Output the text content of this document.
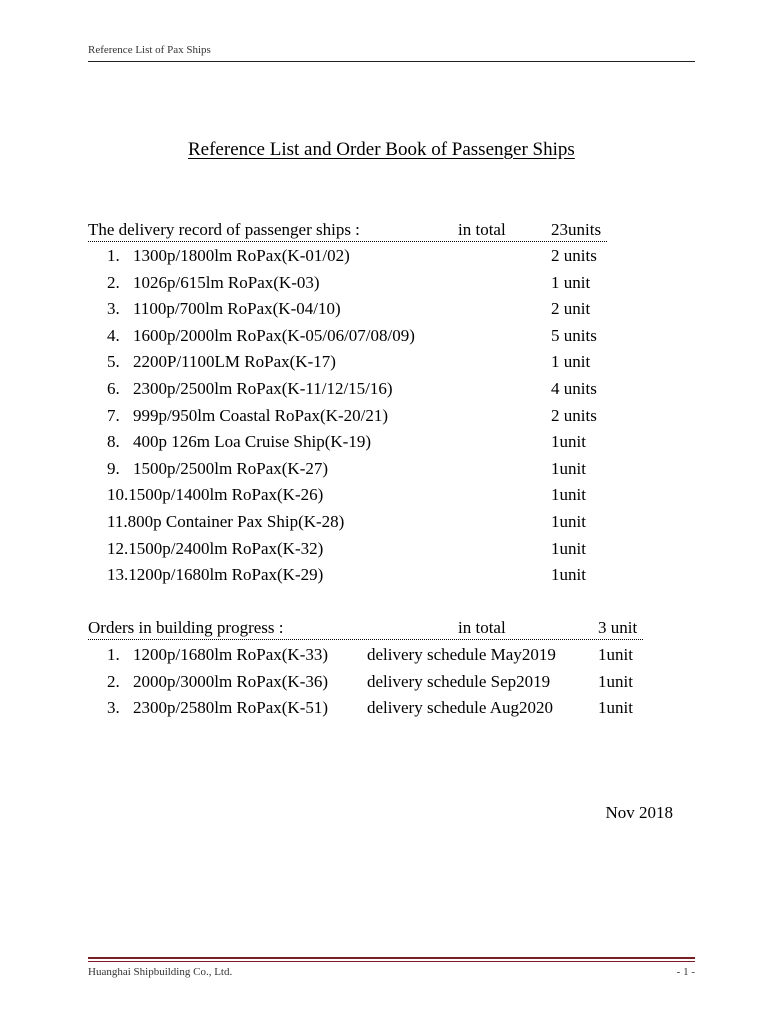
Reference List of Pax Ships
Reference List and Order Book of Passenger Ships
The delivery record of passenger ships :	in total	23units
1. 1300p/1800lm RoPax(K-01/02)	2 units
2. 1026p/615lm RoPax(K-03)	1 unit
3. 1100p/700lm RoPax(K-04/10)	2 unit
4. 1600p/2000lm RoPax(K-05/06/07/08/09)	5 units
5. 2200P/1100LM RoPax(K-17)	1 unit
6. 2300p/2500lm RoPax(K-11/12/15/16)	4 units
7. 999p/950lm Coastal RoPax(K-20/21)	2 units
8. 400p 126m Loa Cruise Ship(K-19)	1unit
9. 1500p/2500lm RoPax(K-27)	1unit
10.1500p/1400lm RoPax(K-26)	1unit
11.800p Container Pax Ship(K-28)	1unit
12.1500p/2400lm RoPax(K-32)	1unit
13.1200p/1680lm RoPax(K-29)	1unit
Orders in building progress :	in total	3 unit
1. 1200p/1680lm RoPax(K-33) delivery schedule May2019 1unit
2. 2000p/3000lm RoPax(K-36) delivery schedule Sep2019	1unit
3. 2300p/2580lm RoPax(K-51) delivery schedule Aug2020	1unit
Nov 2018
Huanghai Shipbuilding Co., Ltd.	- 1 -
